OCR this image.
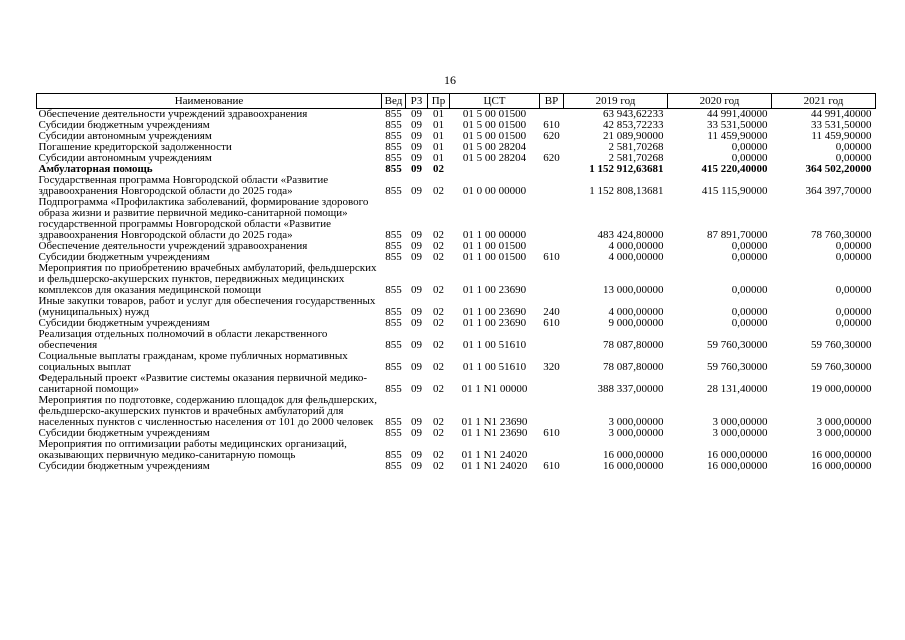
16
Наименование	Вед	РЗ	Пр	ЦСТ	ВР	2019 год	2020 год	2021 год
Обеспечение деятельности учреждений здравоохранения	855	09	01	01 5 00 01500		63 943,62233	44 991,40000	44 991,40000
Субсидии бюджетным учреждениям	855	09	01	01 5 00 01500	610	42 853,72233	33 531,50000	33 531,50000
Субсидии автономным учреждениям	855	09	01	01 5 00 01500	620	21 089,90000	11 459,90000	11 459,90000
Погашение кредиторской задолженности	855	09	01	01 5 00 28204		2 581,70268	0,00000	0,00000
Субсидии автономным учреждениям	855	09	01	01 5 00 28204	620	2 581,70268	0,00000	0,00000
Амбулаторная помощь	855	09	02			1 152 912,63681	415 220,40000	364 502,20000
Государственная программа Новгородской области «Развитие здравоохранения Новгородской области до 2025 года»	855	09	02	01 0 00 00000		1 152 808,13681	415 115,90000	364 397,70000
Подпрограмма «Профилактика заболеваний, формирование здорового образа жизни и развитие первичной медико-санитарной помощи» государственной программы Новгородской области «Развитие здравоохранения Новгородской области до 2025 года»	855	09	02	01 1 00 00000		483 424,80000	87 891,70000	78 760,30000
Обеспечение деятельности учреждений здравоохранения	855	09	02	01 1 00 01500		4 000,00000	0,00000	0,00000
Субсидии бюджетным учреждениям	855	09	02	01 1 00 01500	610	4 000,00000	0,00000	0,00000
Мероприятия по приобретению врачебных амбулаторий, фельдшерских и фельдшерско-акушерских пунктов, передвижных медицинских комплексов для оказания медицинской помощи	855	09	02	01 1 00 23690		13 000,00000	0,00000	0,00000
Иные закупки товаров, работ и услуг для обеспечения государственных (муниципальных) нужд	855	09	02	01 1 00 23690	240	4 000,00000	0,00000	0,00000
Субсидии бюджетным учреждениям	855	09	02	01 1 00 23690	610	9 000,00000	0,00000	0,00000
Реализация отдельных полномочий в области лекарственного обеспечения	855	09	02	01 1 00 51610		78 087,80000	59 760,30000	59 760,30000
Социальные выплаты гражданам, кроме публичных нормативных социальных выплат	855	09	02	01 1 00 51610	320	78 087,80000	59 760,30000	59 760,30000
Федеральный проект «Развитие системы оказания первичной медико-санитарной помощи»	855	09	02	01 1 N1 00000		388 337,00000	28 131,40000	19 000,00000
Мероприятия по подготовке, содержанию площадок для фельдшерских, фельдшерско-акушерских пунктов и врачебных амбулаторий для населенных пунктов с численностью населения от 101 до 2000 человек	855	09	02	01 1 N1 23690		3 000,00000	3 000,00000	3 000,00000
Субсидии бюджетным учреждениям	855	09	02	01 1 N1 23690	610	3 000,00000	3 000,00000	3 000,00000
Мероприятия по оптимизации работы медицинских организаций, оказывающих первичную медико-санитарную помощь	855	09	02	01 1 N1 24020		16 000,00000	16 000,00000	16 000,00000
Субсидии бюджетным учреждениям	855	09	02	01 1 N1 24020	610	16 000,00000	16 000,00000	16 000,00000
